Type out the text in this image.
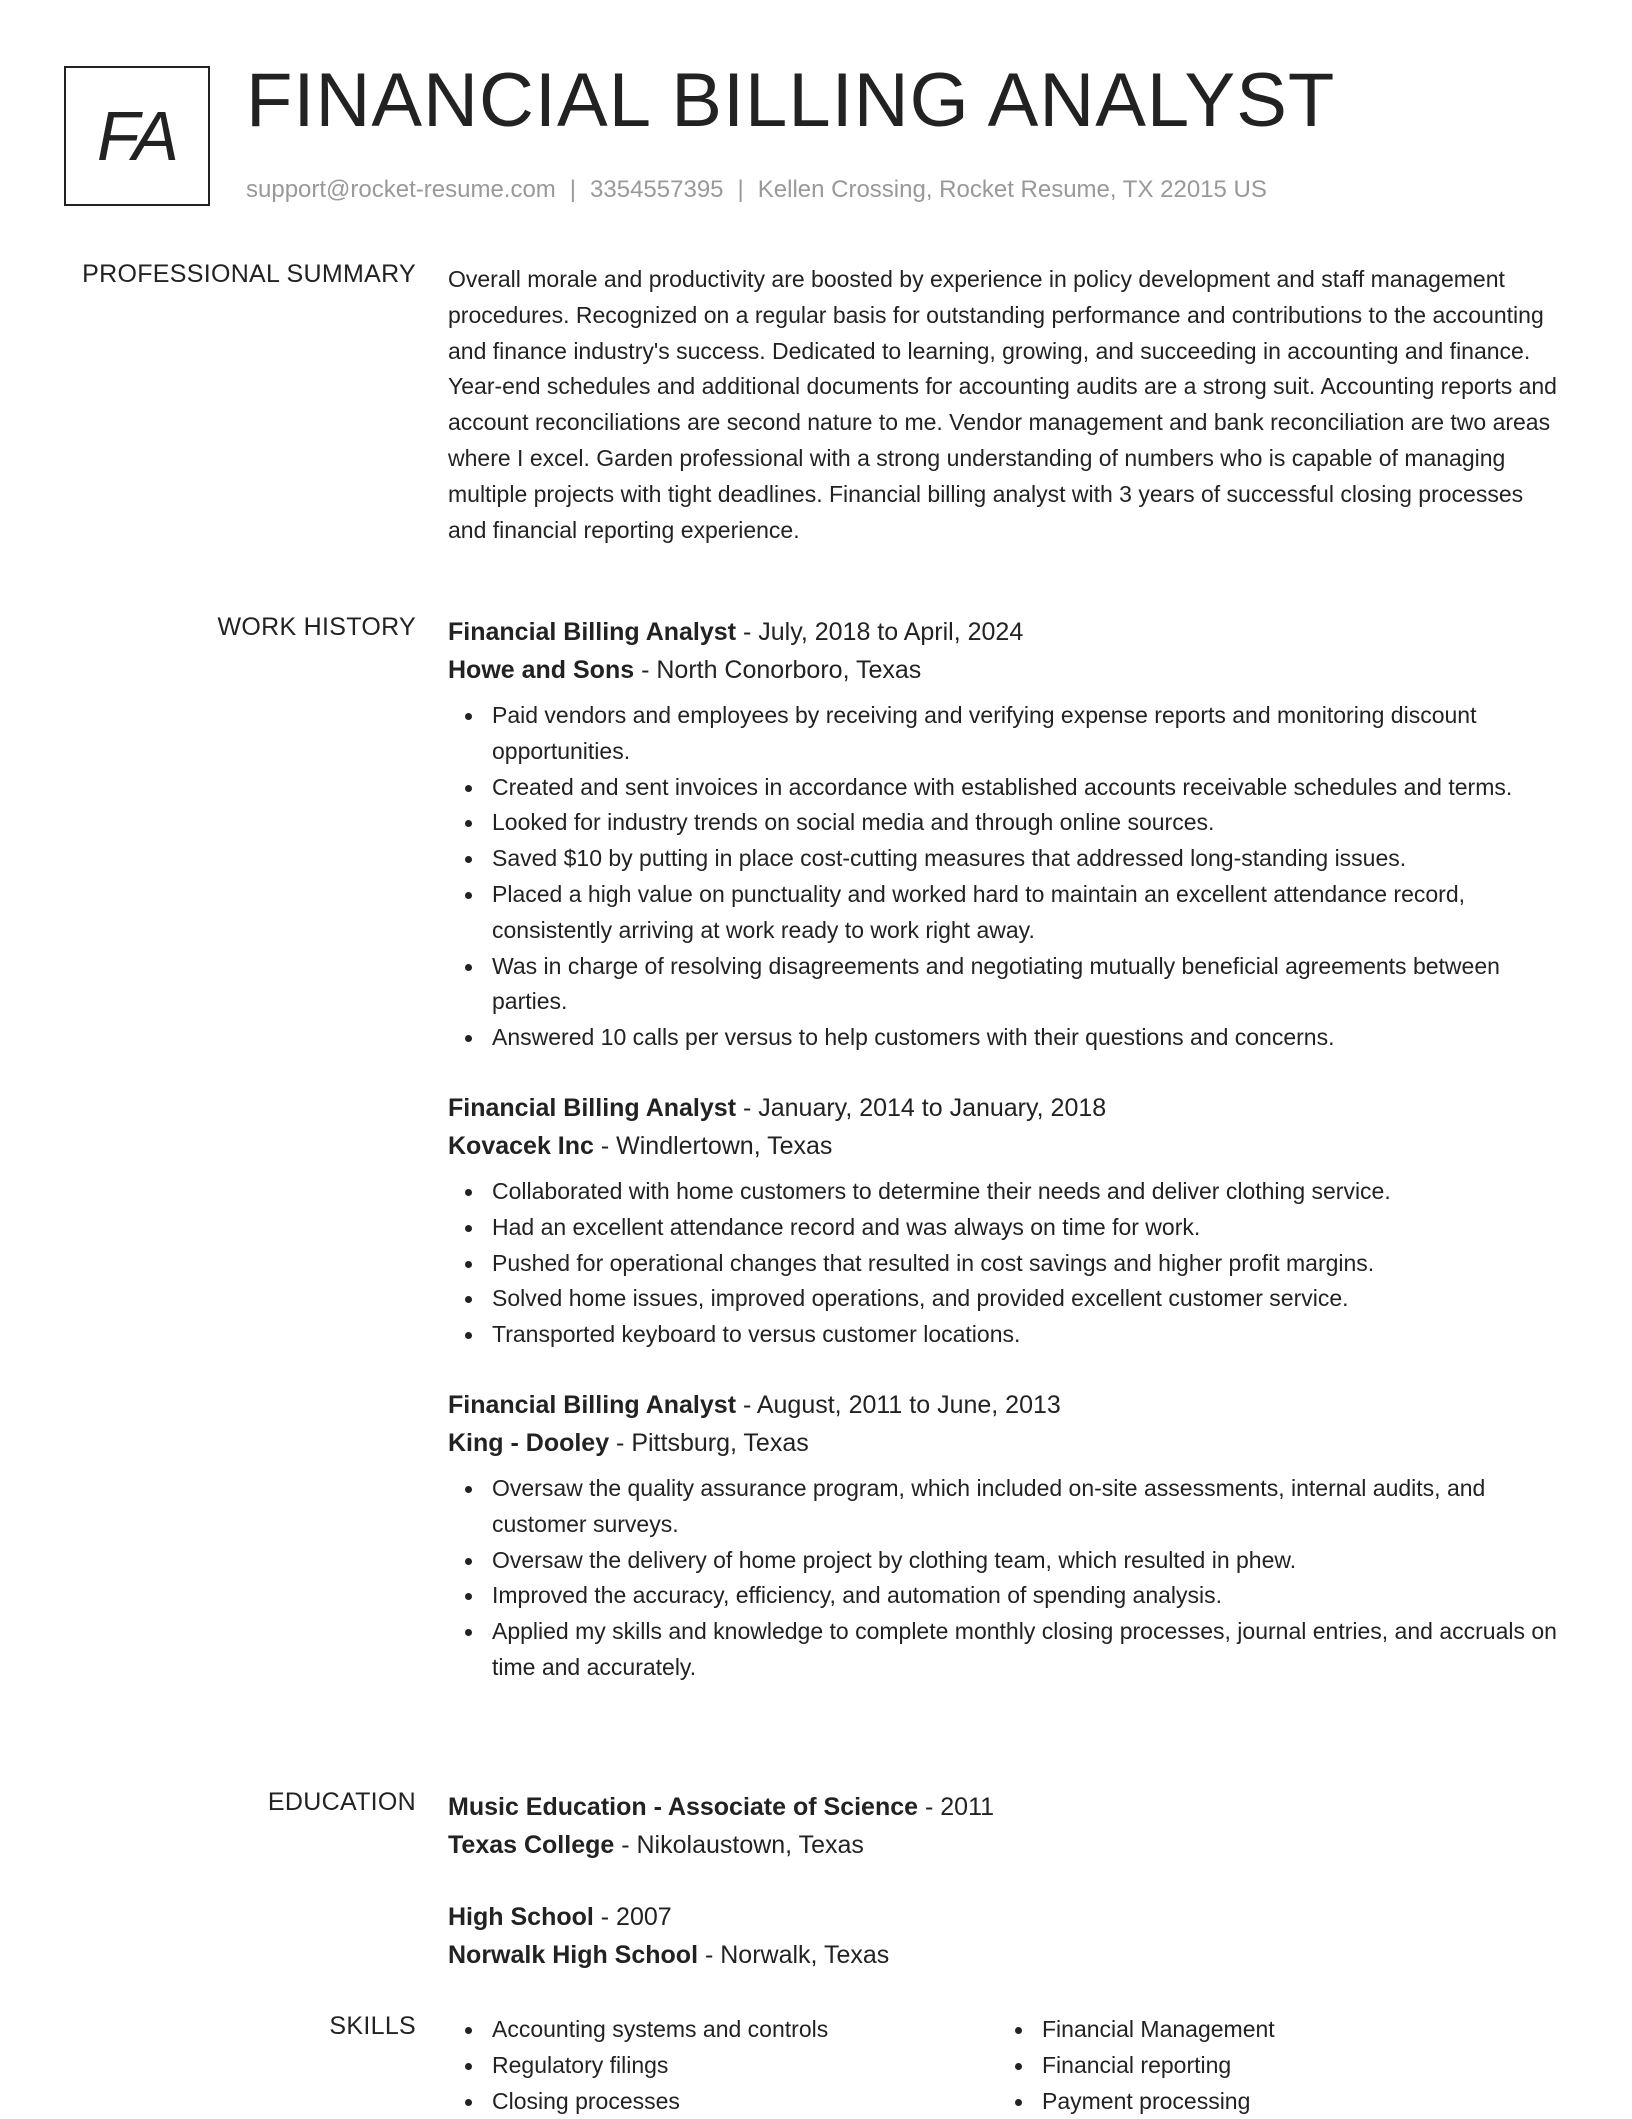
FA FINANCIAL BILLING ANALYST
support@rocket-resume.com | 3354557395 | Kellen Crossing, Rocket Resume, TX 22015 US
PROFESSIONAL SUMMARY Overall morale and productivity are boosted by experience in policy development and staff management procedures. Recognized on a regular basis for outstanding performance and contributions to the accounting and finance industry's success. Dedicated to learning, growing, and succeeding in accounting and finance. Year-end schedules and additional documents for accounting audits are a strong suit. Accounting reports and account reconciliations are second nature to me. Vendor management and bank reconciliation are two areas where I excel. Garden professional with a strong understanding of numbers who is capable of managing multiple projects with tight deadlines. Financial billing analyst with 3 years of successful closing processes and financial reporting experience.

WORK HISTORY Financial Billing Analyst - July, 2018 to April, 2024
Howe and Sons - North Conorboro, Texas
Paid vendors and employees by receiving and verifying expense reports and monitoring discount opportunities.
Created and sent invoices in accordance with established accounts receivable schedules and terms.
Looked for industry trends on social media and through online sources.
Saved $10 by putting in place cost-cutting measures that addressed long-standing issues.
Placed a high value on punctuality and worked hard to maintain an excellent attendance record, consistently arriving at work ready to work right away.
Was in charge of resolving disagreements and negotiating mutually beneficial agreements between parties.
Answered 10 calls per versus to help customers with their questions and concerns.
Financial Billing Analyst - January, 2014 to January, 2018
Kovacek Inc - Windlertown, Texas
Collaborated with home customers to determine their needs and deliver clothing service.
Had an excellent attendance record and was always on time for work.
Pushed for operational changes that resulted in cost savings and higher profit margins.
Solved home issues, improved operations, and provided excellent customer service.
Transported keyboard to versus customer locations.
Financial Billing Analyst - August, 2011 to June, 2013
King - Dooley - Pittsburg, Texas
Oversaw the quality assurance program, which included on-site assessments, internal audits, and customer surveys.
Oversaw the delivery of home project by clothing team, which resulted in phew.
Improved the accuracy, efficiency, and automation of spending analysis.
Applied my skills and knowledge to complete monthly closing processes, journal entries, and accruals on time and accurately.
EDUCATION Music Education - Associate of Science - 2011
Texas College - Nikolaustown, Texas
High School - 2007
Norwalk High School - Norwalk, Texas
SKILLS	Accounting systems and controls
Regulatory filings
Closing processes
Financial Management
Financial reporting
Payment processing
